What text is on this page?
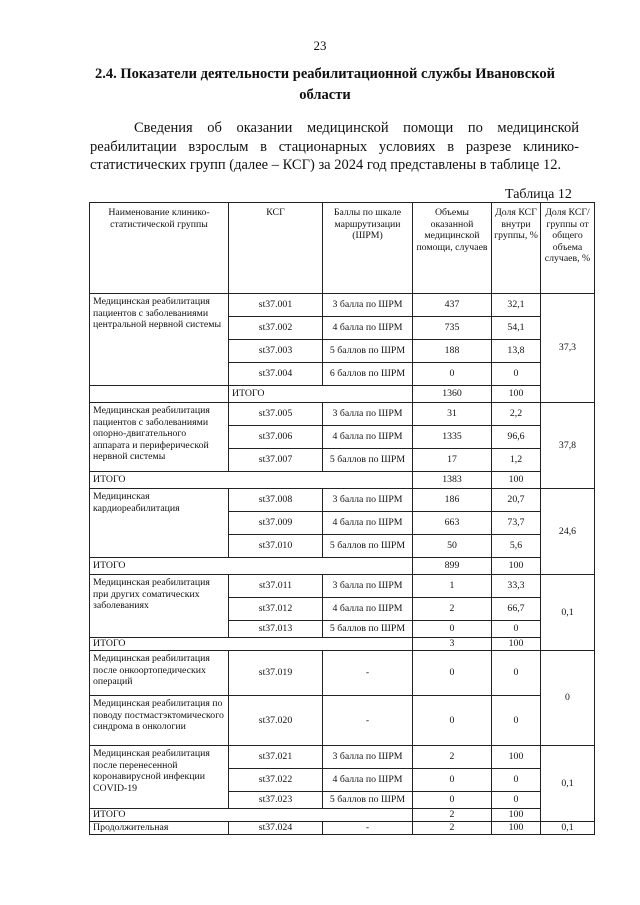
23
2.4. Показатели деятельности реабилитационной службы Ивановской области
Сведения об оказании медицинской помощи по медицинской реабилитации взрослым в стационарных условиях в разрезе клинико-статистических групп (далее – КСГ) за 2024 год представлены в таблице 12.
Таблица 12
Наименование клинико-статистической группы	КСГ	Баллы по шкале маршрутизации (ШРМ)	Объемы оказанной медицинской помощи, случаев	Доля КСГ внутри группы, %	Доля КСГ/группы от общего объема случаев, %
Медицинская реабилитация пациентов с заболеваниями центральной нервной системы	st37.001	3 балла по ШРМ	437	32,1	37,3
	st37.002	4 балла по ШРМ	735	54,1	
	st37.003	5 баллов по ШРМ	188	13,8	
	st37.004	6 баллов по ШРМ	0	0	
	ИТОГО		1360	100	
Медицинская реабилитация пациентов с заболеваниями опорно-двигательного аппарата и периферической нервной системы	st37.005	3 балла по ШРМ	31	2,2	37,8
	st37.006	4 балла по ШРМ	1335	96,6	
	st37.007	5 баллов по ШРМ	17	1,2	
ИТОГО			1383	100	
Медицинская кардиореабилитация	st37.008	3 балла по ШРМ	186	20,7	24,6
	st37.009	4 балла по ШРМ	663	73,7	
	st37.010	5 баллов по ШРМ	50	5,6	
ИТОГО			899	100	
Медицинская реабилитация при других соматических заболеваниях	st37.011	3 балла по ШРМ	1	33,3	0,1
	st37.012	4 балла по ШРМ	2	66,7	
	st37.013	5 баллов по ШРМ	0	0	
ИТОГО			3	100	
Медицинская реабилитация после онкоортопедических операций	st37.019	-	0	0	0
Медицинская реабилитация по поводу постмастэктомического синдрома в онкологии	st37.020	-	0	0	
Медицинская реабилитация после перенесенной коронавирусной инфекции COVID-19	st37.021	3 балла по ШРМ	2	100	0,1
	st37.022	4 балла по ШРМ	0	0	
	st37.023	5 баллов по ШРМ	0	0	
ИТОГО			2	100	
Продолжительная	st37.024	-	2	100	0,1
